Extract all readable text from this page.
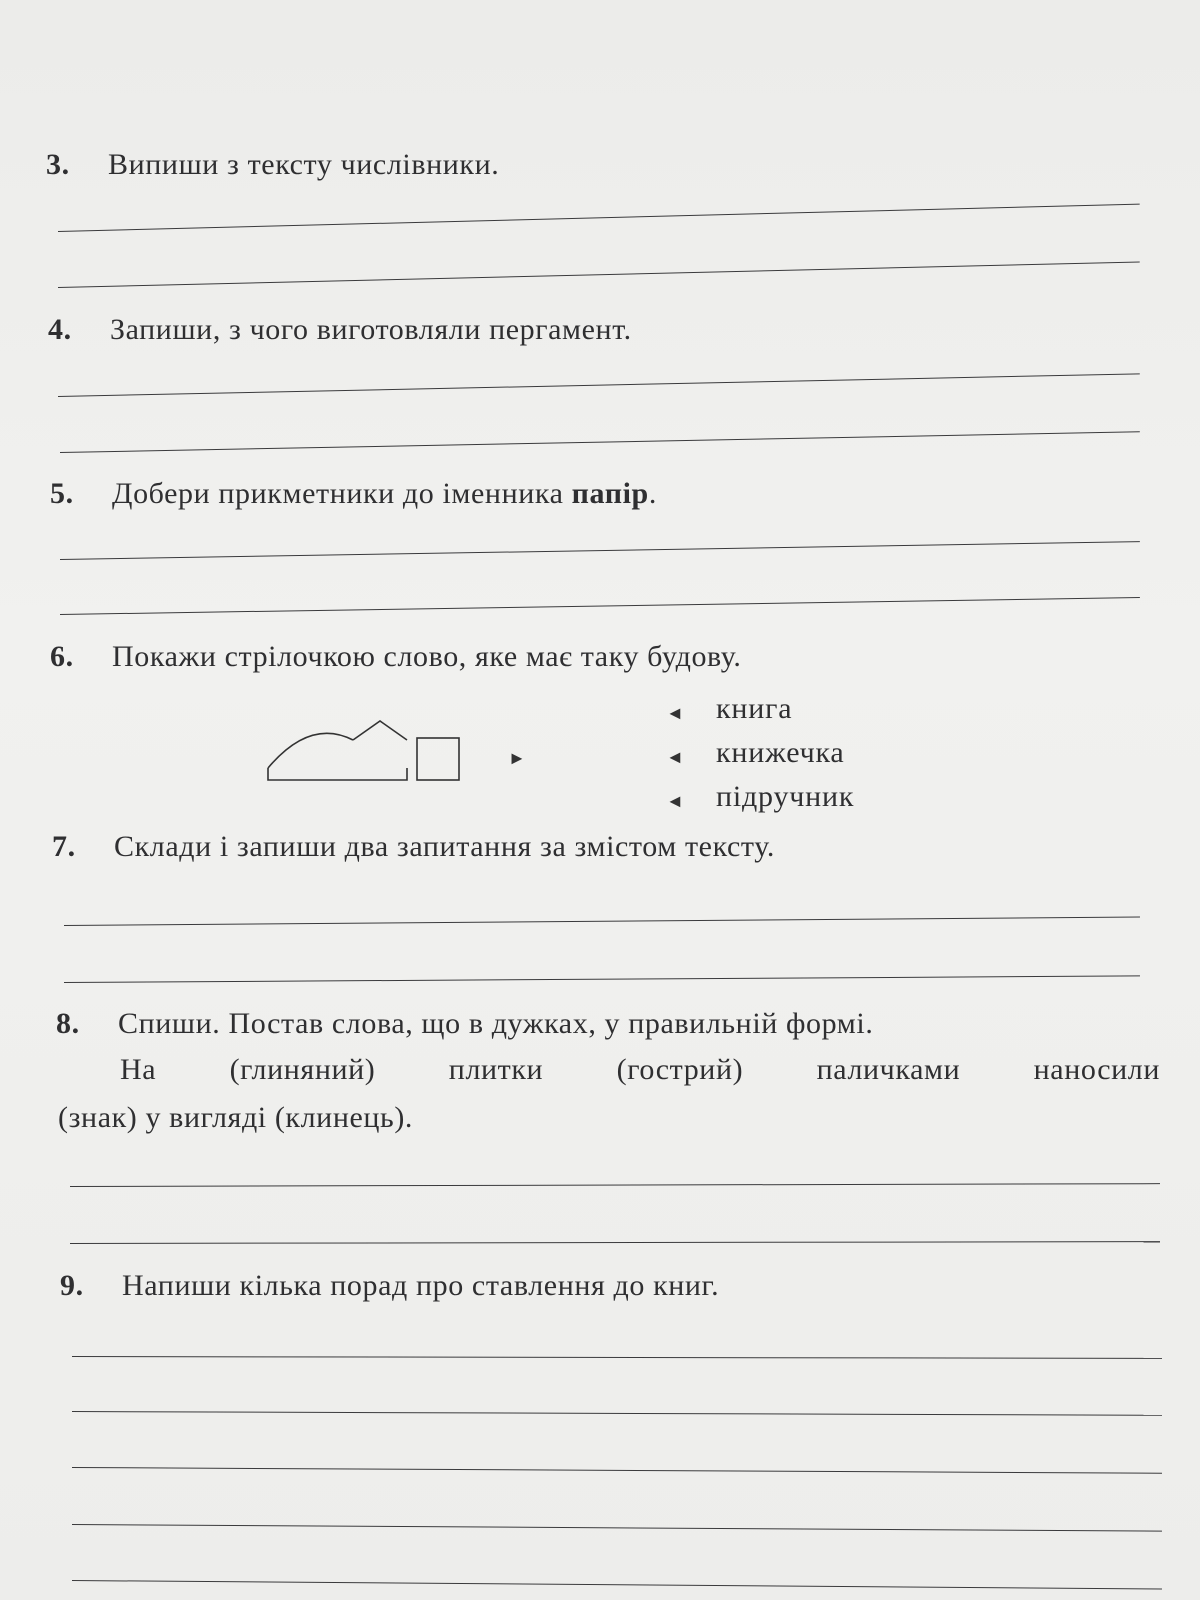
3. Випиши з тексту числівники.
4. Запиши, з чого виготовляли пергамент.
5. Добери прикметники до іменника папір.
6. Покажи стрілочкою слово, яке має таку будову.
►
◄ книга
◄ книжечка
◄ підручник
7. Склади і запиши два запитання за змістом тексту.
8. Спиши. Постав слова, що в дужках, у правильній формі.
На (глиняний) плитки (гострий) паличками наносили
(знак) у вигляді (клинець).
9. Напиши кілька порад про ставлення до книг.
